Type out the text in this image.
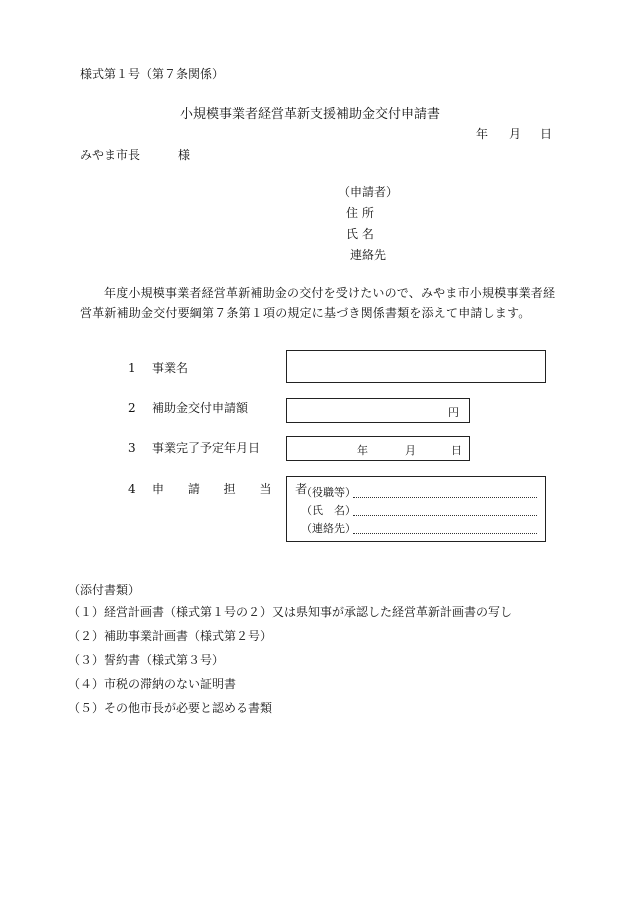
様式第１号（第７条関係）
小規模事業者経営革新支援補助金交付申請書
年 月 日
みやま市長	様
（申請者）
住 所
氏 名
連絡先
年度小規模事業者経営革新補助金の交付を受けたいので、みやま市小規模事業者経営革新補助金交付要綱第７条第１項の規定に基づき関係書類を添えて申請します。
1 事業名
2 補助金交付申請額	円
3 事業完了予定年月日	年	月	日
4 申 請 担 当 者
（役職等）
（氏　名）
（連絡先）
（添付書類）
（１）経営計画書（様式第１号の２）又は県知事が承認した経営革新計画書の写し
（２）補助事業計画書（様式第２号）
（３）誓約書（様式第３号）
（４）市税の滞納のない証明書
（５）その他市長が必要と認める書類
